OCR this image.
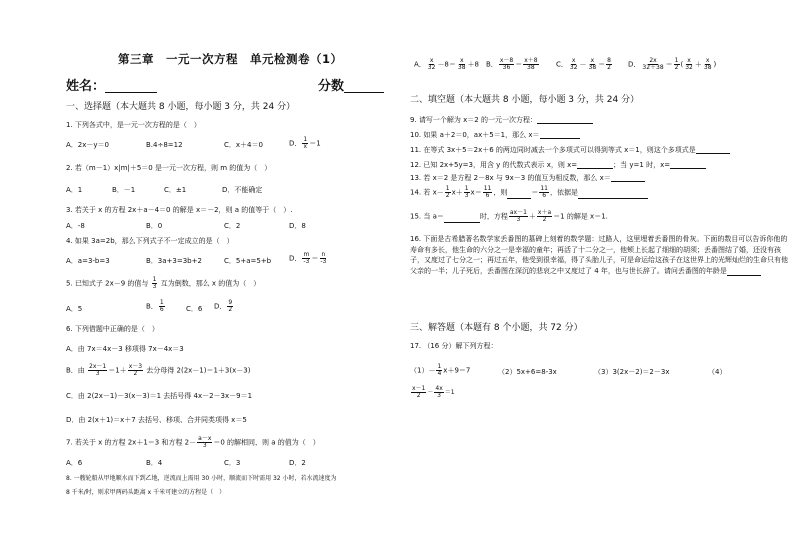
第三章　一元一次方程　单元检测卷（1）
姓名：	分数
一、选择题（本大题共 8 小题，每小题 3 分，共 24 分）
1. 下列各式中，是一元一次方程的是（　）
A．2x－y＝0	B.4÷8=12	C．x＋4＝0	D． $\frac{1}{x} =1$
2. 若（m－1）x|m|＋5＝0 是一元一次方程，则 m 的值为（　）
A．1	B．－1	C．±1	D．不能确定
3. 若关于 x 的方程 2x＋a－4＝0 的解是 x＝－2，则 a 的值等于（　）.
A．-8	B．0	C．2	D．8
4. 如果 3a=2b，那么下列式子不一定成立的是（　）
A．a=3-b=3	B．3a+3=3b+2	C．5+a=5+b	D． $\frac{m}{-3} = \frac{n}{-3}$
5. 已知式子 2x－9 的值与 $\frac{1}{3}$ 互为倒数，那么 x 的值为（　）
A．5	B． $\frac{1}{6}$	C．6 D． $\frac{9}{2}$
6. 下列借题中正确的是（　）
A．由 7x＝4x－3 移项得 7x－4x＝3
B．由 $\frac{2x-1}{3} =1+ \frac{x-3}{2}$ 去分母得 2(2x－1)＝1＋3(x－3)
C．由 2(2x－1)－3(x－3)＝1 去括号得 4x－2－3x－9＝1
D．由 2(x＋1)＝x＋7 去括号、移项、合并同类项得 x＝5
7. 若关于 x 的方程 2x＋1＝3 和方程 $2- \frac{a-x}{3} =0$ 的解相同，则 a 的值为（　）
A．6	B．4	C．3	D．2
8. 一艘轮船从甲地顺水而下到乙地，逆流而上需用 30 小时，顺流而下时需用 32 小时，若水流速度为
8 千米/时，则求甲两码头距离 x 千米可建立的方程是（　）
A． $\frac{x}{32} -8= \frac{x}{38} +8$ B． $\frac{x-8}{36} = \frac{x+8}{38}$ C． $\frac{x}{32} - \frac{x}{38} = \frac{8}{2}$ D． $\frac{2x}{32+38} = \frac{1}{2}$ ( $\frac{x}{32} + \frac{x}{38}$ )
二、填空题（本大题共 8 小题，每小题 3 分，共 24 分）
9. 请写一个解为 x＝2 的一元一次方程：
10. 如果 a＋2＝0，ax＋5＝1，那么 x＝
11. 在等式 3x＋5＝2x＋6 的两边同时减去一个多项式可以得到等式 x＝1，则这个多项式是
12. 已知 2x+5y=3，用含 y 的代数式表示 x，则 x=	；当 y=1 时，x=
13. 若 x＝2 是方程 2－8x 与 9x－3 的值互为相反数，那么 x＝
14. 若 $x- \frac{1}{2} x+ \frac{1}{3} x= \frac{11}{6}$ ，则	＝ $\frac{11}{6}$ ，依据是
15. 当 a＝	时，方程 $\frac{ax-1}{3} + \frac{x+a}{2} =1$ 的解是 x＝1.
16. 下面是古希腊著名数学家丢番图的墓碑上刻着的数学题：过路人，这里埋着丢番图的骨灰。下面的数目可以告诉你他的寿命有多长，他生命的六分之一是幸福的童年；再活了十二分之一，他颊上长起了细细的胡须；丢番图结了婚，还没有孩子，又度过了七分之一；再过五年，他受到很幸福，得了头胎儿子，可是命运给这孩子在这世界上的光辉灿烂的生命只有他父亲的一半；儿子死后，丢番图在深沉的悲哀之中又度过了 4 年，也与世长辞了。请问丢番图的年龄是
三、解答题（本题有 8 个小题，共 72 分）
17. （16 分）解下列方程：
$(1)- \frac{1}{4} x+9=7$	（2）5x+6=8-3x	（3）3(2x－2)＝2－3x	（4）
$\frac{x-1}{2} - \frac{4x}{3} =1$
